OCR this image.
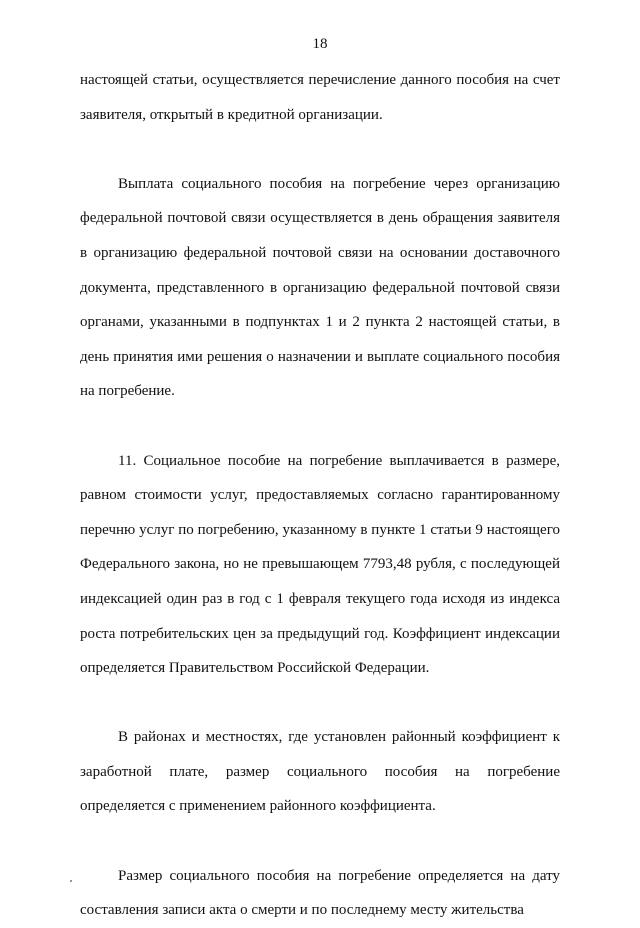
18

настоящей статьи, осуществляется перечисление данного пособия на счет заявителя, открытый в кредитной организации.

Выплата социального пособия на погребение через организацию федеральной почтовой связи осуществляется в день обращения заявителя в организацию федеральной почтовой связи на основании доставочного документа, представленного в организацию федеральной почтовой связи органами, указанными в подпунктах 1 и 2 пункта 2 настоящей статьи, в день принятия ими решения о назначении и выплате социального пособия на погребение.

11. Социальное пособие на погребение выплачивается в размере, равном стоимости услуг, предоставляемых согласно гарантированному перечню услуг по погребению, указанному в пункте 1 статьи 9 настоящего Федерального закона, но не превышающем 7793,48 рубля, с последующей индексацией один раз в год с 1 февраля текущего года исходя из индекса роста потребительских цен за предыдущий год. Коэффициент индексации определяется Правительством Российской Федерации.

В районах и местностях, где установлен районный коэффициент к заработной плате, размер социального пособия на погребение определяется с применением районного коэффициента.

Размер социального пособия на погребение определяется на дату составления записи акта о смерти и по последнему месту жительства
